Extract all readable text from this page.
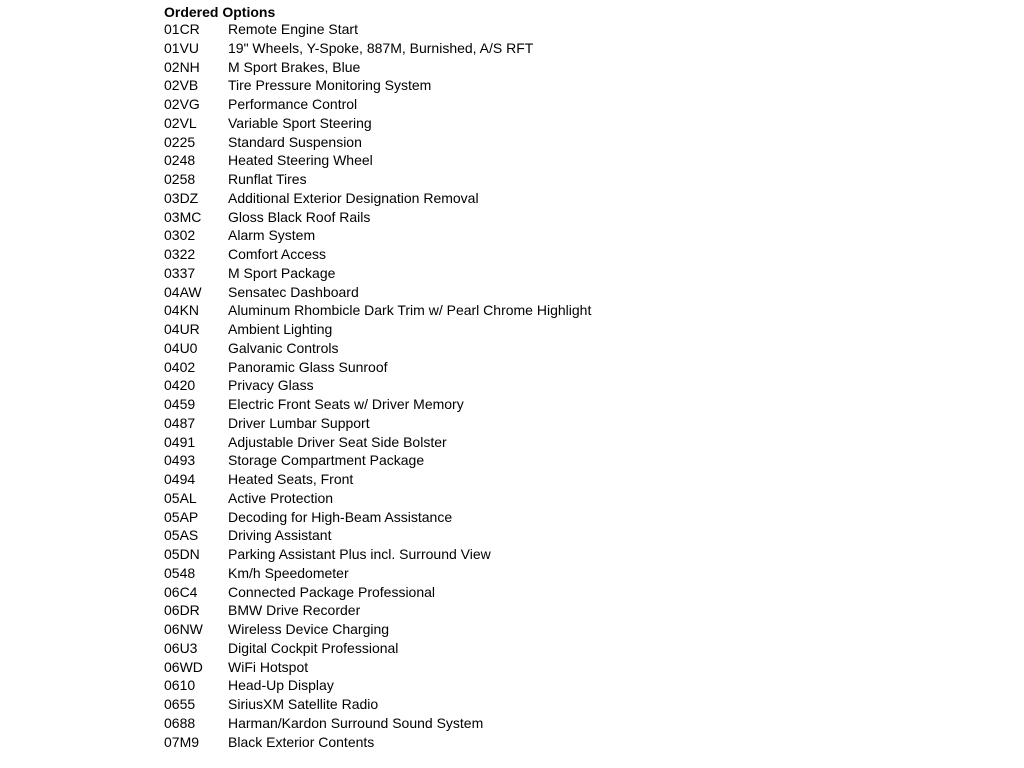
Ordered Options
01CR	Remote Engine Start
01VU	19" Wheels, Y-Spoke, 887M, Burnished, A/S RFT
02NH	M Sport Brakes, Blue
02VB	Tire Pressure Monitoring System
02VG	Performance Control
02VL	Variable Sport Steering
0225	Standard Suspension
0248	Heated Steering Wheel
0258	Runflat Tires
03DZ	Additional Exterior Designation Removal
03MC	Gloss Black Roof Rails
0302	Alarm System
0322	Comfort Access
0337	M Sport Package
04AW	Sensatec Dashboard
04KN	Aluminum Rhombicle Dark Trim w/ Pearl Chrome Highlight
04UR	Ambient Lighting
04U0	Galvanic Controls
0402	Panoramic Glass Sunroof
0420	Privacy Glass
0459	Electric Front Seats w/ Driver Memory
0487	Driver Lumbar Support
0491	Adjustable Driver Seat Side Bolster
0493	Storage Compartment Package
0494	Heated Seats, Front
05AL	Active Protection
05AP	Decoding for High-Beam Assistance
05AS	Driving Assistant
05DN	Parking Assistant Plus incl. Surround View
0548	Km/h Speedometer
06C4	Connected Package Professional
06DR	BMW Drive Recorder
06NW	Wireless Device Charging
06U3	Digital Cockpit Professional
06WD	WiFi Hotspot
0610	Head-Up Display
0655	SiriusXM Satellite Radio
0688	Harman/Kardon Surround Sound System
07M9	Black Exterior Contents
